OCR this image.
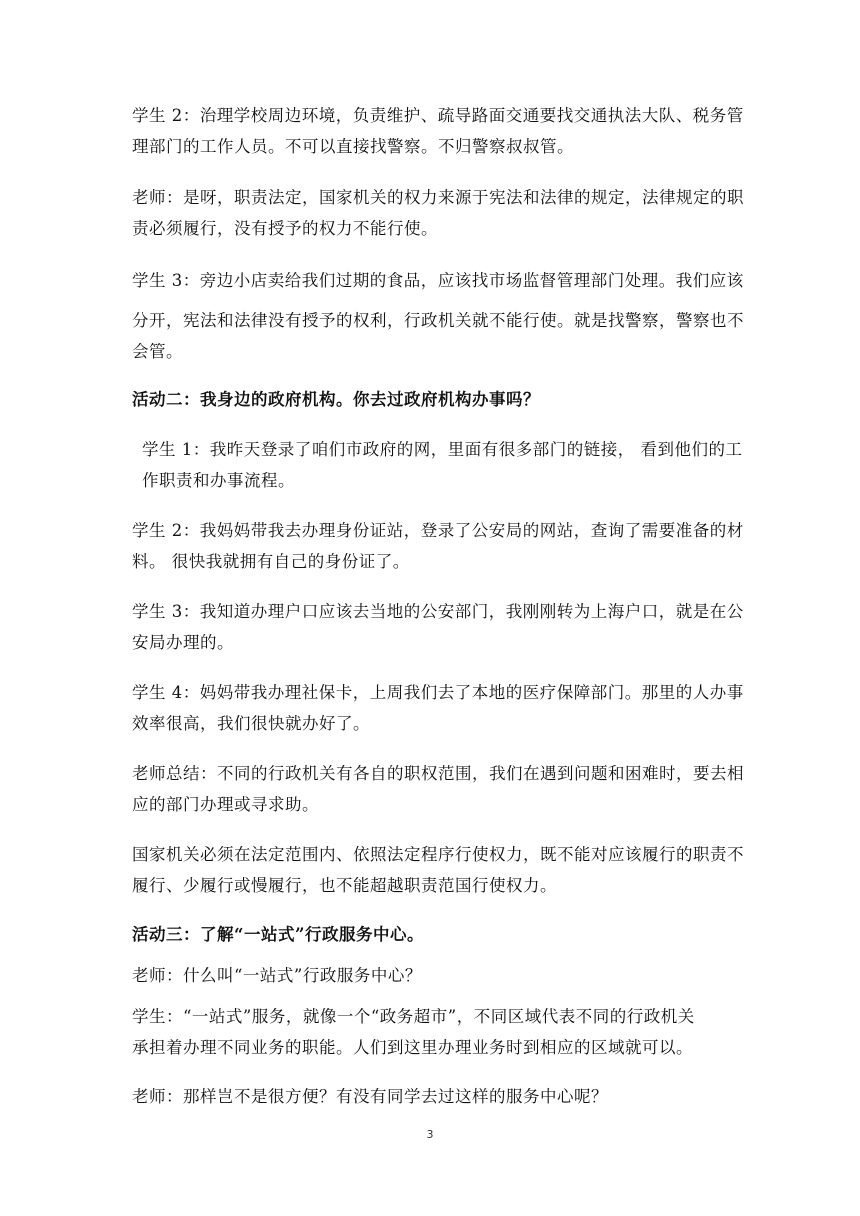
学生 2：治理学校周边环境，负责维护、疏导路面交通要找交通执法大队、税务管
理部门的工作人员。不可以直接找警察。不归警察叔叔管。

老师：是呀，职责法定，国家机关的权力来源于宪法和法律的规定，法律规定的职
责必须履行，没有授予的权力不能行使。

学生 3：旁边小店卖给我们过期的食品，应该找市场监督管理部门处理。我们应该

分开，宪法和法律没有授予的权利，行政机关就不能行使。就是找警察，警察也不
会管。

活动二：我身边的政府机构。你去过政府机构办事吗？

学生 1：我昨天登录了咱们市政府的网，里面有很多部门的链接， 看到他们的工
作职责和办事流程。

学生 2：我妈妈带我去办理身份证站，登录了公安局的网站，查询了需要准备的材
料。 很快我就拥有自己的身份证了。

学生 3：我知道办理户口应该去当地的公安部门，我刚刚转为上海户口，就是在公
安局办理的。

学生 4：妈妈带我办理社保卡，上周我们去了本地的医疗保障部门。那里的人办事
效率很高，我们很快就办好了。

老师总结：不同的行政机关有各自的职权范围，我们在遇到问题和困难时，要去相
应的部门办理或寻求助。

国家机关必须在法定范围内、依照法定程序行使权力，既不能对应该履行的职责不
履行、少履行或慢履行，也不能超越职责范国行使权力。

活动三：了解“一站式”行政服务中心。

老师：什么叫“一站式”行政服务中心？

学生：“一站式”服务，就像一个“政务超市”，不同区域代表不同的行政机关
承担着办理不同业务的职能。人们到这里办理业务时到相应的区域就可以。

老师：那样岂不是很方便？有没有同学去过这样的服务中心呢？

3
